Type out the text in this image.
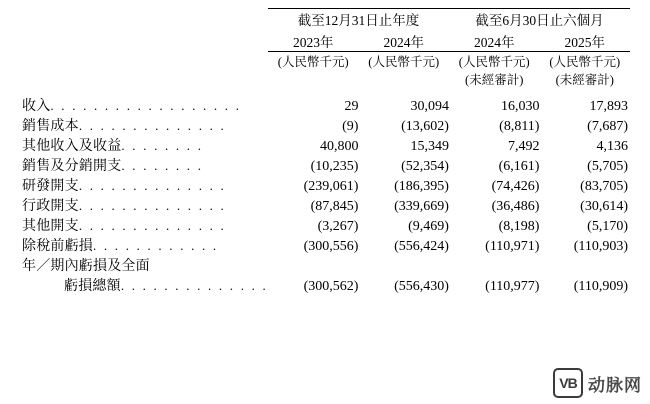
	截至12月31日止年度		截至6月30日止六個月	

	2023年	2024年	2024年	2025年
	(人民幣千元)	(人民幣千元)	(人民幣千元)	(人民幣千元)
			(未經審計)	(未經審計)

收入. . . . . . . . . . . . . . . . . .	29	30,094	16,030	17,893
銷售成本. . . . . . . . . . . . . .	(9)	(13,602)	(8,811)	(7,687)
其他收入及收益. . . . . . . .	40,800	15,349	7,492	4,136
銷售及分銷開支. . . . . . . .	(10,235)	(52,354)	(6,161)	(5,705)
研發開支. . . . . . . . . . . . . .	(239,061)	(186,395)	(74,426)	(83,705)
行政開支. . . . . . . . . . . . . .	(87,845)	(339,669)	(36,486)	(30,614)
其他開支. . . . . . . . . . . . . .	(3,267)	(9,469)	(8,198)	(5,170)
除稅前虧損. . . . . . . . . . . .	(300,556)	(556,424)	(110,971)	(110,903)
年／期內虧損及全面				
虧損總額. . . . . . . . . . . . . .	(300,562)	(556,430)	(110,977)	(110,909)
VB 动脉网
